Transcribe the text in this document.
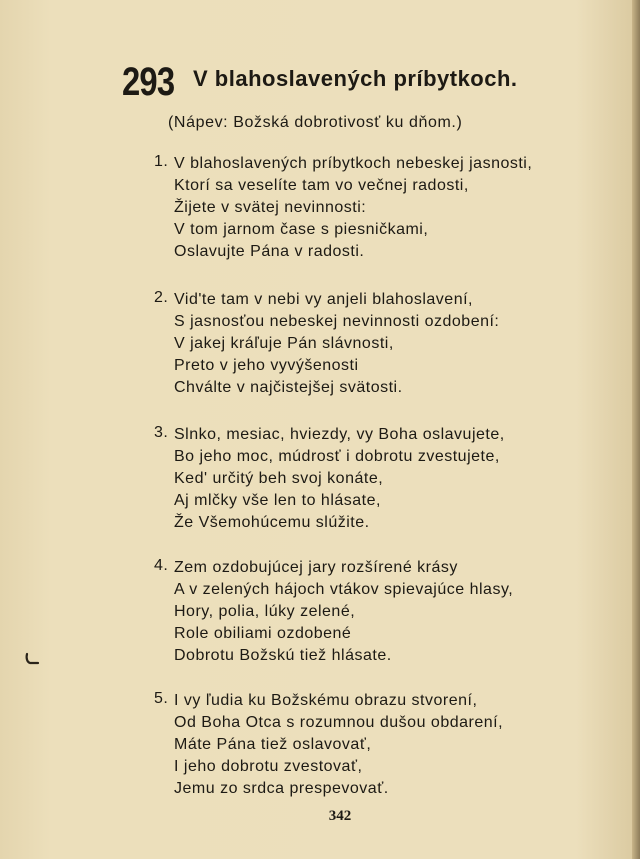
293 V blahoslavených príbytkoch.
(Nápev: Božská dobrotivosť ku dňom.)
1. V blahoslavených príbytkoch nebeskej jasnosti,
Ktorí sa veselíte tam vo večnej radosti,
Žijete v svätej nevinnosti:
V tom jarnom čase s piesničkami,
Oslavujte Pána v radosti.
2. Vid'te tam v nebi vy anjeli blahoslavení,
S jasnosťou nebeskej nevinnosti ozdobení:
V jakej kráľuje Pán slávnosti,
Preto v jeho vyvýšenosti
Chválte v najčistejšej svätosti.
3. Slnko, mesiac, hviezdy, vy Boha oslavujete,
Bo jeho moc, múdrosť i dobrotu zvestujete,
Ked' určitý beh svoj konáte,
Aj mlčky vše len to hlásate,
Že Všemohúcemu slúžite.
4. Zem ozdobujúcej jary rozšírené krásy
A v zelených hájoch vtákov spievajúce hlasy,
Hory, polia, lúky zelené,
Role obiliami ozdobené
Dobrotu Božskú tiež hlásate.
5. I vy ľudia ku Božskému obrazu stvorení,
Od Boha Otca s rozumnou dušou obdarení,
Máte Pána tiež oslavovať,
I jeho dobrotu zvestovať,
Jemu zo srdca prespevovať.
342
